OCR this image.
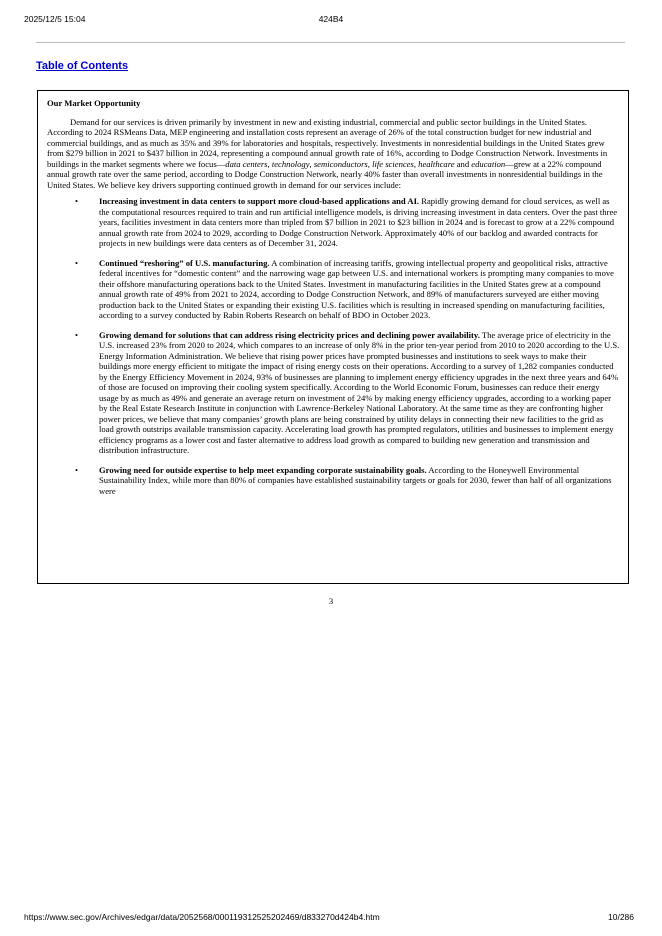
2025/12/5 15:04	424B4
Table of Contents
Our Market Opportunity

Demand for our services is driven primarily by investment in new and existing industrial, commercial and public sector buildings in the United States. According to 2024 RSMeans Data, MEP engineering and installation costs represent an average of 26% of the total construction budget for new industrial and commercial buildings, and as much as 35% and 39% for laboratories and hospitals, respectively. Investments in nonresidential buildings in the United States grew from $279 billion in 2021 to $437 billion in 2024, representing a compound annual growth rate of 16%, according to Dodge Construction Network. Investments in buildings in the market segments where we focus—data centers, technology, semiconductors, life sciences, healthcare and education—grew at a 22% compound annual growth rate over the same period, according to Dodge Construction Network, nearly 40% faster than overall investments in nonresidential buildings in the United States. We believe key drivers supporting continued growth in demand for our services include:

• Increasing investment in data centers to support more cloud-based applications and AI. Rapidly growing demand for cloud services, as well as the computational resources required to train and run artificial intelligence models, is driving increasing investment in data centers. Over the past three years, facilities investment in data centers more than tripled from $7 billion in 2021 to $23 billion in 2024 and is forecast to grow at a 22% compound annual growth rate from 2024 to 2029, according to Dodge Construction Network. Approximately 40% of our backlog and awarded contracts for projects in new buildings were data centers as of December 31, 2024.
• Continued “reshoring” of U.S. manufacturing. A combination of increasing tariffs, growing intellectual property and geopolitical risks, attractive federal incentives for “domestic content” and the narrowing wage gap between U.S. and international workers is prompting many companies to move their offshore manufacturing operations back to the United States. Investment in manufacturing facilities in the United States grew at a compound annual growth rate of 49% from 2021 to 2024, according to Dodge Construction Network, and 89% of manufacturers surveyed are either moving production back to the United States or expanding their existing U.S. facilities which is resulting in increased spending on manufacturing facilities, according to a survey conducted by Rabin Roberts Research on behalf of BDO in October 2023.
• Growing demand for solutions that can address rising electricity prices and declining power availability. The average price of electricity in the U.S. increased 23% from 2020 to 2024, which compares to an increase of only 8% in the prior ten-year period from 2010 to 2020 according to the U.S. Energy Information Administration. We believe that rising power prices have prompted businesses and institutions to seek ways to make their buildings more energy efficient to mitigate the impact of rising energy costs on their operations. According to a survey of 1,282 companies conducted by the Energy Efficiency Movement in 2024, 93% of businesses are planning to implement energy efficiency upgrades in the next three years and 64% of those are focused on improving their cooling system specifically. According to the World Economic Forum, businesses can reduce their energy usage by as much as 49% and generate an average return on investment of 24% by making energy efficiency upgrades, according to a working paper by the Real Estate Research Institute in conjunction with Lawrence-Berkeley National Laboratory. At the same time as they are confronting higher power prices, we believe that many companies’ growth plans are being constrained by utility delays in connecting their new facilities to the grid as load growth outstrips available transmission capacity. Accelerating load growth has prompted regulators, utilities and businesses to implement energy efficiency programs as a lower cost and faster alternative to address load growth as compared to building new generation and transmission and distribution infrastructure.
• Growing need for outside expertise to help meet expanding corporate sustainability goals. According to the Honeywell Environmental Sustainability Index, while more than 80% of companies have established sustainability targets or goals for 2030, fewer than half of all organizations were
3
https://www.sec.gov/Archives/edgar/data/2052568/000119312525202469/d833270d424b4.htm	10/286
